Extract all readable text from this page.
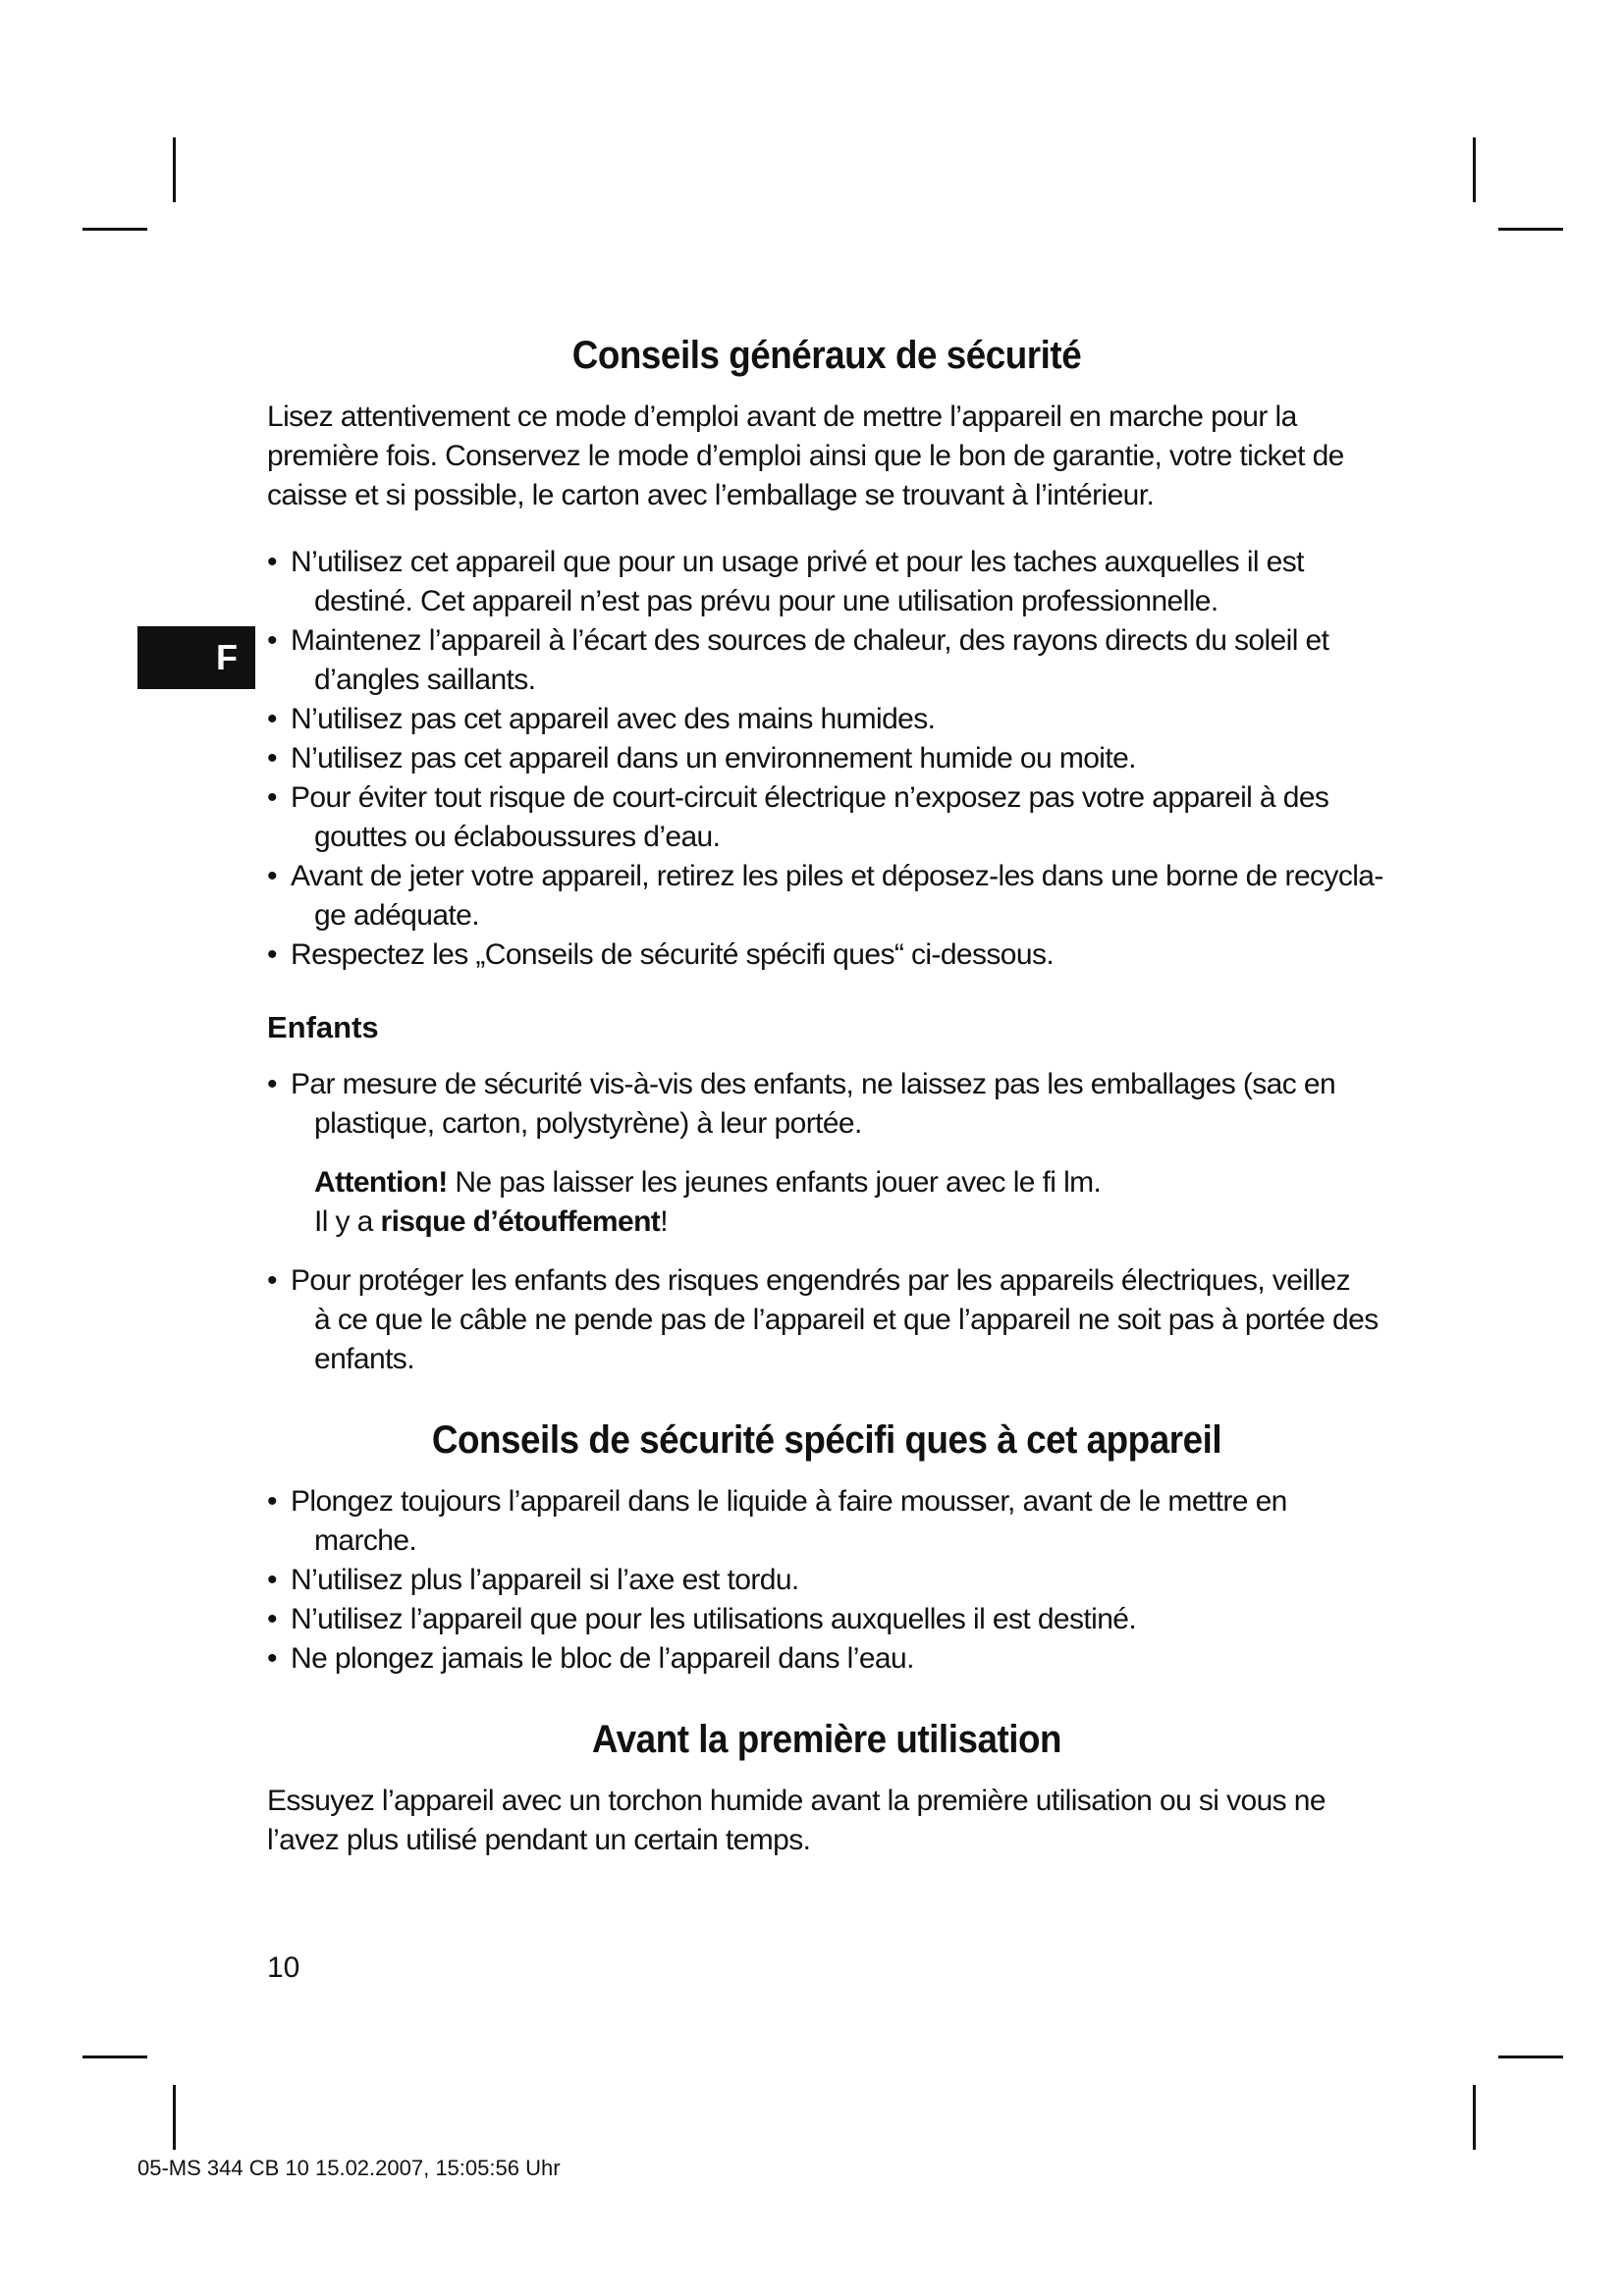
F
Conseils généraux de sécurité

Lisez attentivement ce mode d’emploi avant de mettre l’appareil en marche pour la première fois. Conservez le mode d’emploi ainsi que le bon de garantie, votre ticket de caisse et si possible, le carton avec l’emballage se trouvant à l’intérieur.

• N’utilisez cet appareil que pour un usage privé et pour les taches auxquelles il est
destiné. Cet appareil n’est pas prévu pour une utilisation professionnelle.
• Maintenez l’appareil à l’écart des sources de chaleur, des rayons directs du soleil et
d’angles saillants.
• N’utilisez pas cet appareil avec des mains humides.
• N’utilisez pas cet appareil dans un environnement humide ou moite.
• Pour éviter tout risque de court-circuit électrique n’exposez pas votre appareil à des
gouttes ou éclaboussures d’eau.
• Avant de jeter votre appareil, retirez les piles et déposez-les dans une borne de recycla-
ge adéquate.
• Respectez les „Conseils de sécurité spécifi ques“ ci-dessous.
Enfants
• Par mesure de sécurité vis-à-vis des enfants, ne laissez pas les emballages (sac en
plastique, carton, polystyrène) à leur portée.

Attention! Ne pas laisser les jeunes enfants jouer avec le fi lm.
Il y a risque d’étouffement!

• Pour protéger les enfants des risques engendrés par les appareils électriques, veillez
à ce que le câble ne pende pas de l’appareil et que l’appareil ne soit pas à portée des
enfants.
Conseils de sécurité spécifi ques à cet appareil
• Plongez toujours l’appareil dans le liquide à faire mousser, avant de le mettre en
marche.
• N’utilisez plus l’appareil si l’axe est tordu.
• N’utilisez l’appareil que pour les utilisations auxquelles il est destiné.
• Ne plongez jamais le bloc de l’appareil dans l’eau.
Avant la première utilisation

Essuyez l’appareil avec un torchon humide avant la première utilisation ou si vous ne l’avez plus utilisé pendant un certain temps.

10
05-MS 344 CB 10 15.02.2007, 15:05:56 Uhr
